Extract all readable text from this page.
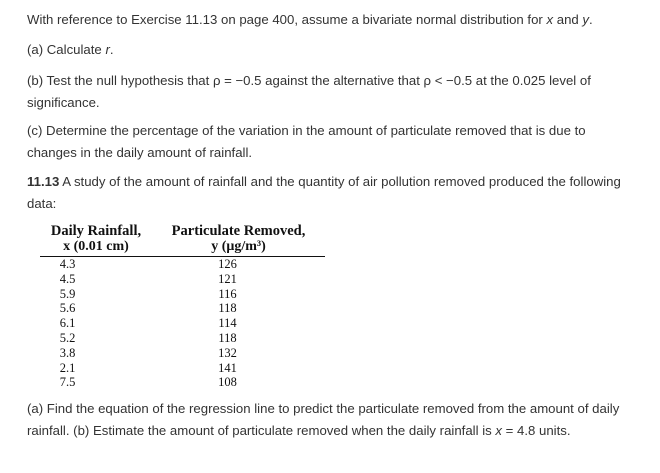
With reference to Exercise 11.13 on page 400, assume a bivariate normal distribution for x and y.

(a) Calculate r.

(b) Test the null hypothesis that ρ = −0.5 against the alternative that ρ < −0.5 at the 0.025 level of significance.

(c) Determine the percentage of the variation in the amount of particulate removed that is due to changes in the daily amount of rainfall.

11.13 A study of the amount of rainfall and the quantity of air pollution removed produced the following data:

Daily Rainfall,	Particulate Removed,
x (0.01 cm)	y (μg/m³)
4.3	126
4.5	121
5.9	116
5.6	118
6.1	114
5.2	118
3.8	132
2.1	141
7.5	108

(a) Find the equation of the regression line to predict the particulate removed from the amount of daily rainfall. (b) Estimate the amount of particulate removed when the daily rainfall is x = 4.8 units.
